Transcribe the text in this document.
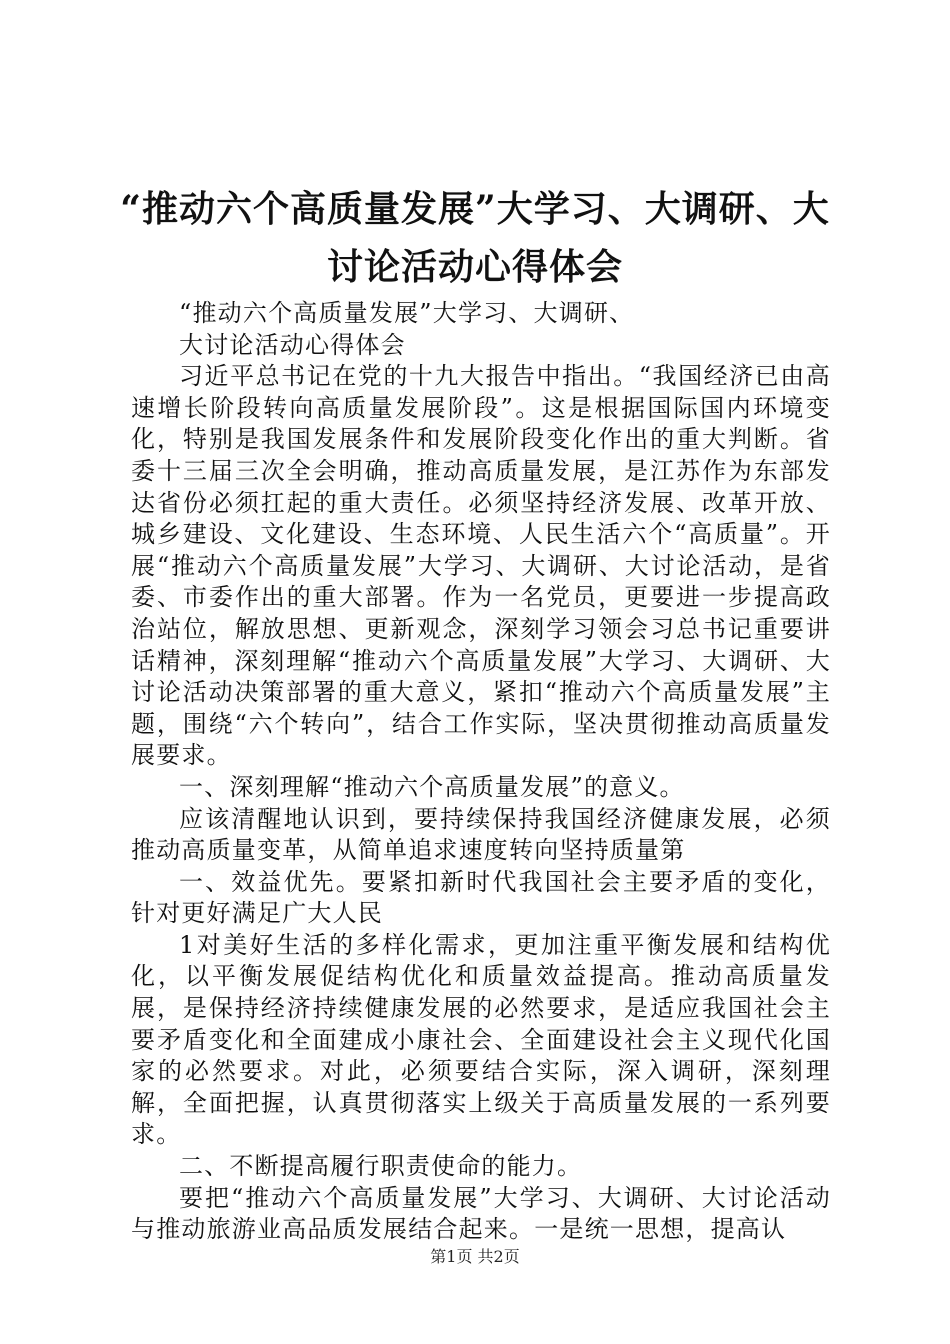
“推动六个高质量发展”大学习、大调研、大讨论活动心得体会

“推动六个高质量发展”大学习、大调研、

大讨论活动心得体会

习近平总书记在党的十九大报告中指出。“我国经济已由高速增长阶段转向高质量发展阶段”。这是根据国际国内环境变化，特别是我国发展条件和发展阶段变化作出的重大判断。省委十三届三次全会明确，推动高质量发展，是江苏作为东部发达省份必须扛起的重大责任。必须坚持经济发展、改革开放、城乡建设、文化建设、生态环境、人民生活六个“高质量”。开展“推动六个高质量发展”大学习、大调研、大讨论活动，是省委、市委作出的重大部署。作为一名党员，更要进一步提高政治站位，解放思想、更新观念，深刻学习领会习总书记重要讲话精神，深刻理解“推动六个高质量发展”大学习、大调研、大讨论活动决策部署的重大意义，紧扣“推动六个高质量发展”主题，围绕“六个转向”，结合工作实际，坚决贯彻推动高质量发展要求。

一、深刻理解“推动六个高质量发展”的意义。

应该清醒地认识到，要持续保持我国经济健康发展，必须推动高质量变革，从简单追求速度转向坚持质量第

一、效益优先。要紧扣新时代我国社会主要矛盾的变化，针对更好满足广大人民

1对美好生活的多样化需求，更加注重平衡发展和结构优化，以平衡发展促结构优化和质量效益提高。推动高质量发展，是保持经济持续健康发展的必然要求，是适应我国社会主要矛盾变化和全面建成小康社会、全面建设社会主义现代化国家的必然要求。对此，必须要结合实际，深入调研，深刻理解，全面把握，认真贯彻落实上级关于高质量发展的一系列要求。

二、不断提高履行职责使命的能力。

要把“推动六个高质量发展”大学习、大调研、大讨论活动与推动旅游业高品质发展结合起来。一是统一思想，提高认

第1页 共2页
